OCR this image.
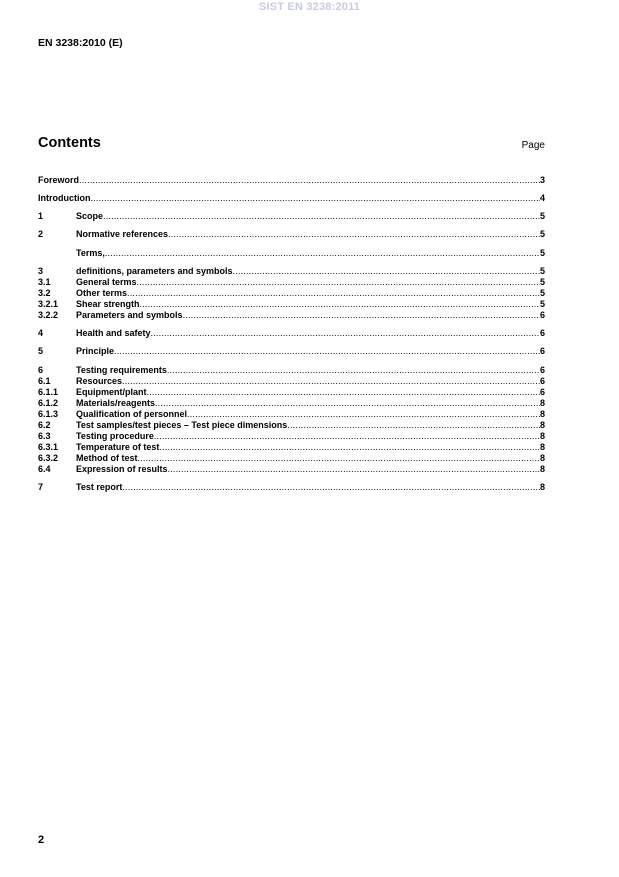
SIST EN 3238:2011
EN 3238:2010 (E)
Contents	Page
Foreword .....	3
Introduction .....	4
1	Scope .....	5
2	Normative references .....	5
Terms, .....	5
3	definitions, parameters and symbols .....	5
3.1	General terms .....	5
3.2	Other terms .....	5
3.2.1	Shear strength .....	5
3.2.2	Parameters and symbols .....	6
4	Health and safety .....	6
5	Principle .....	6
6	Testing requirements .....	6
6.1	Resources .....	6
6.1.1	Equipment/plant .....	6
6.1.2	Materials/reagents .....	8
6.1.3	Qualification of personnel .....	8
6.2	Test samples/test pieces – Test piece dimensions .....	8
6.3	Testing procedure .....	8
6.3.1	Temperature of test .....	8
6.3.2	Method of test .....	8
6.4	Expression of results .....	8
7	Test report .....	8
2
